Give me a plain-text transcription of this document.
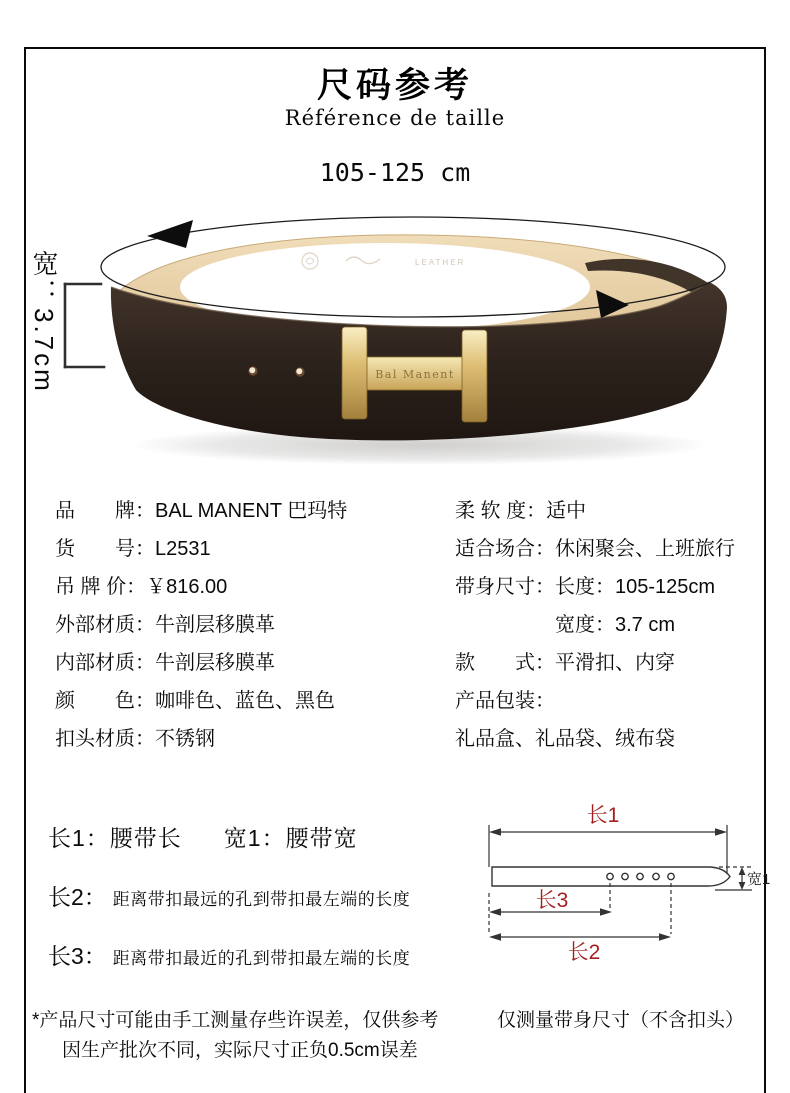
尺码参考
Référence de taille
105-125 cm
LEATHER
Bal Manent
宽：3.7cm
品　　牌：BAL MANENT 巴玛特
货　　号：L2531
吊 牌 价：￥816.00
外部材质：牛剖层移膜革
内部材质：牛剖层移膜革
颜　　色：咖啡色、蓝色、黑色
扣头材质：不锈钢
柔 软 度：适中
适合场合：休闲聚会、上班旅行
带身尺寸：长度：105-125cm
　　　　　宽度：3.7 cm
款　　式：平滑扣、内穿
产品包装：
礼品盒、礼品袋、绒布袋
长1：腰带长 宽1：腰带宽
长2： 距离带扣最远的孔到带扣最左端的长度
长3： 距离带扣最近的孔到带扣最左端的长度
长1
宽1
长3
长2
*产品尺寸可能由手工测量存些许误差，仅供参考
因生产批次不同，实际尺寸正负0.5cm误差
仅测量带身尺寸（不含扣头）
